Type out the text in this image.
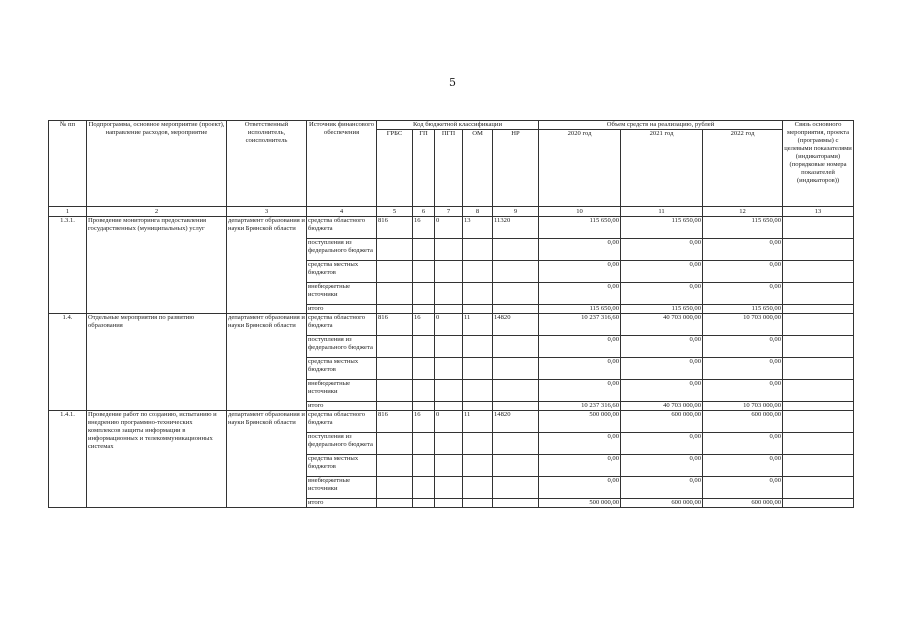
5
№ пп	Подпрограмма, основное мероприятие (проект), направление расходов, мероприятие	Ответственный исполнитель, соисполнитель	Источник финансового обеспечения	Код бюджетной классификации					Объем средств на реализацию, рублей			Связь основного мероприятия, проекта (программы) с целевыми показателями (индикаторами) (порядковые номера показателей (индикаторов))
				ГРБС	ГП	ПГП	ОМ	НР	2020 год	2021 год	2022 год	
1	2	3	4	5	6	7	8	9	10	11	12	13
1.3.1.	Проведение мониторинга предоставления государственных (муниципальных) услуг	департамент образования и науки Брянской области	средства областного бюджета	816	16	0	13	11320	115 650,00	115 650,00	115 650,00	
			поступления из федерального бюджета						0,00	0,00	0,00	
			средства местных бюджетов						0,00	0,00	0,00	
			внебюджетные источники						0,00	0,00	0,00	
			итого						115 650,00	115 650,00	115 650,00	
1.4.	Отдельные мероприятия по развитию образования	департамент образования и науки Брянской области	средства областного бюджета	816	16	0	11	14820	10 237 316,60	40 703 000,00	10 703 000,00	
			поступления из федерального бюджета						0,00	0,00	0,00	
			средства местных бюджетов						0,00	0,00	0,00	
			внебюджетные источники						0,00	0,00	0,00	
			итого						10 237 316,60	40 703 000,00	10 703 000,00	
1.4.1.	Проведение работ по созданию, испытанию и внедрению программно-технических комплексов защиты информации в информационных и телекоммуникационных системах	департамент образования и науки Брянской области	средства областного бюджета	816	16	0	11	14820	500 000,00	600 000,00	600 000,00	
			поступления из федерального бюджета						0,00	0,00	0,00	
			средства местных бюджетов						0,00	0,00	0,00	
			внебюджетные источники						0,00	0,00	0,00	
			итого						500 000,00	600 000,00	600 000,00	
